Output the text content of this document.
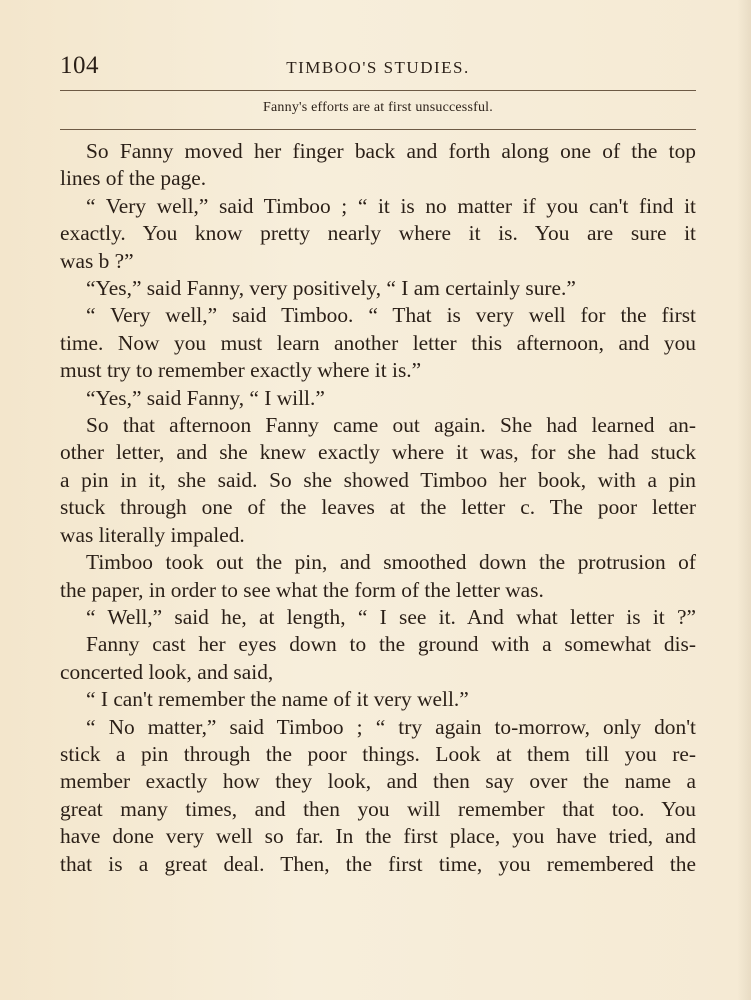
104	TIMBOO'S STUDIES.
Fanny's efforts are at first unsuccessful.
So Fanny moved her finger back and forth along one of the top
lines of the page.
“ Very well,” said Timboo ; “ it is no matter if you can't find it
exactly. You know pretty nearly where it is. You are sure it
was b ?”
“Yes,” said Fanny, very positively, “ I am certainly sure.”
“ Very well,” said Timboo. “ That is very well for the first
time. Now you must learn another letter this afternoon, and you
must try to remember exactly where it is.”
“Yes,” said Fanny, “ I will.”
So that afternoon Fanny came out again. She had learned an-
other letter, and she knew exactly where it was, for she had stuck
a pin in it, she said. So she showed Timboo her book, with a pin
stuck through one of the leaves at the letter c. The poor letter
was literally impaled.
Timboo took out the pin, and smoothed down the protrusion of
the paper, in order to see what the form of the letter was.
“ Well,” said he, at length, “ I see it. And what letter is it ?”
Fanny cast her eyes down to the ground with a somewhat dis-
concerted look, and said,
“ I can't remember the name of it very well.”
“ No matter,” said Timboo ; “ try again to-morrow, only don't
stick a pin through the poor things. Look at them till you re-
member exactly how they look, and then say over the name a
great many times, and then you will remember that too. You
have done very well so far. In the first place, you have tried, and
that is a great deal. Then, the first time, you remembered the
